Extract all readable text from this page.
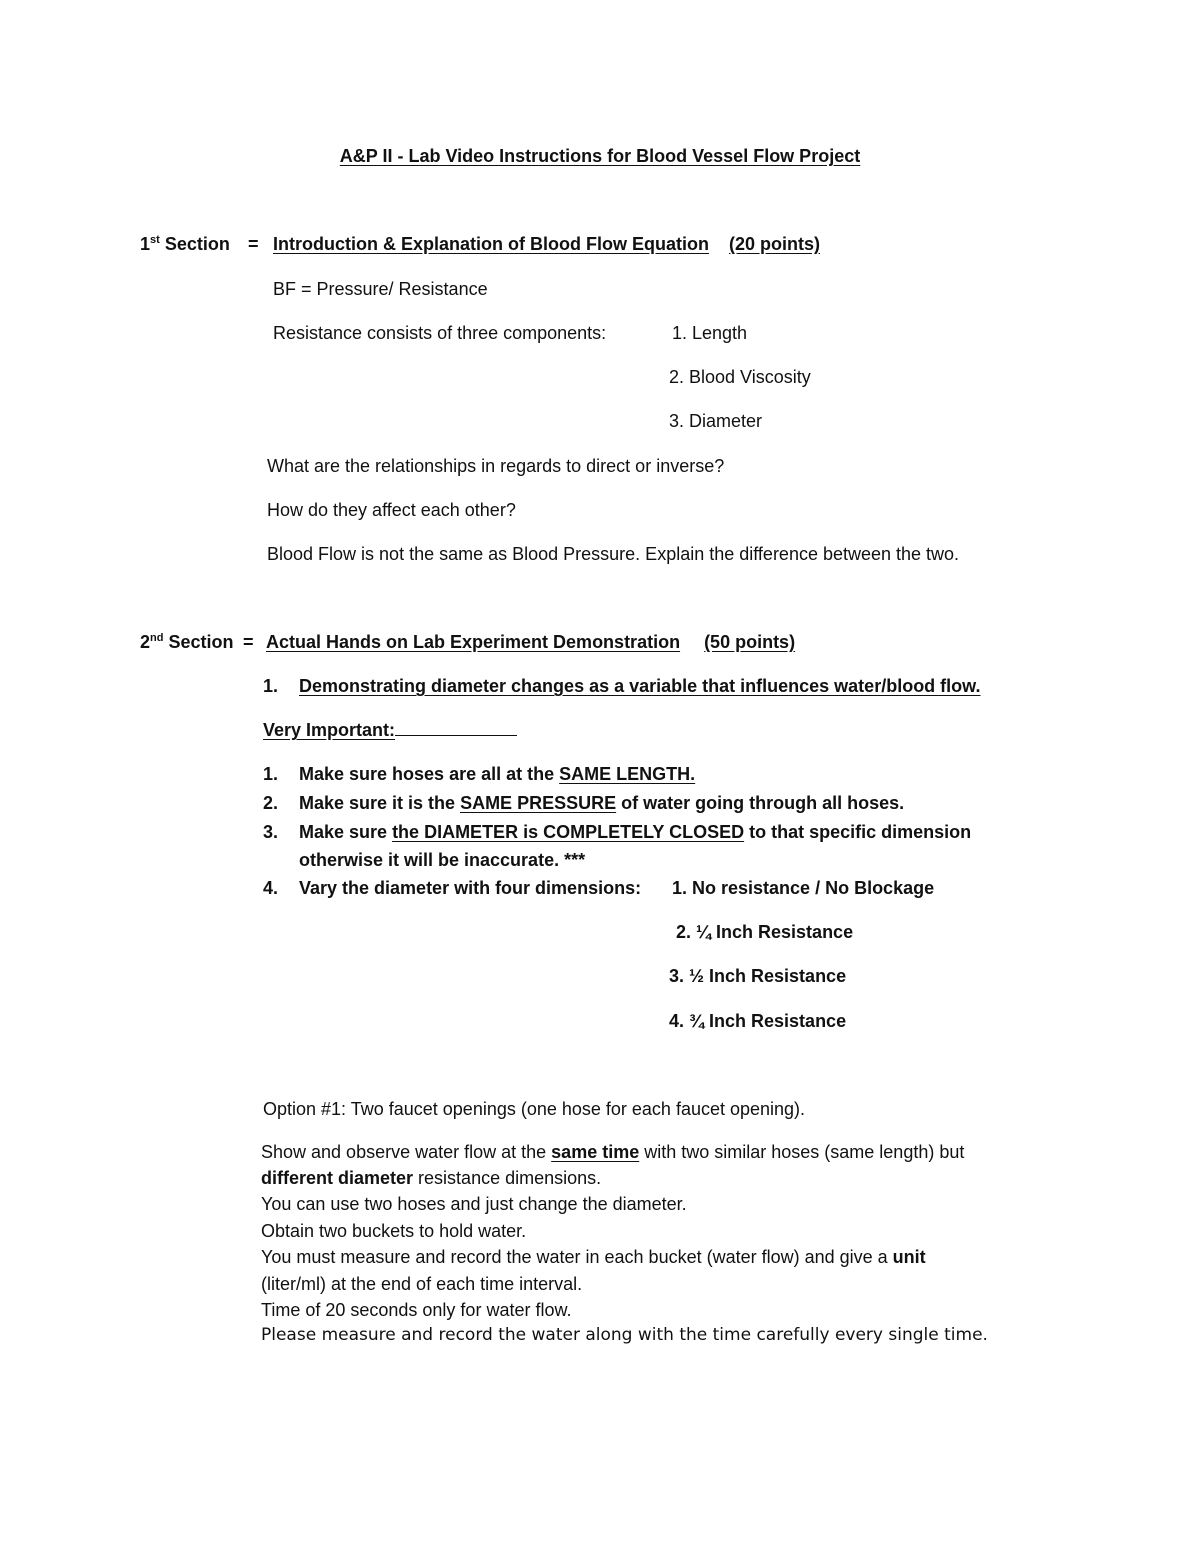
A&P II - Lab Video Instructions for Blood Vessel Flow Project
1st Section = Introduction & Explanation of Blood Flow Equation (20 points)
BF = Pressure/ Resistance
Resistance consists of three components:	1. Length
2. Blood Viscosity
3. Diameter
What are the relationships in regards to direct or inverse?
How do they affect each other?
Blood Flow is not the same as Blood Pressure. Explain the difference between the two.
2nd Section = Actual Hands on Lab Experiment Demonstration (50 points)
1. Demonstrating diameter changes as a variable that influences water/blood flow.
Very Important:
1. Make sure hoses are all at the SAME LENGTH.
2. Make sure it is the SAME PRESSURE of water going through all hoses.
3. Make sure the DIAMETER is COMPLETELY CLOSED to that specific dimension
otherwise it will be inaccurate. ***
4. Vary the diameter with four dimensions: 1. No resistance / No Blockage
2. ¼ Inch Resistance
3. ½ Inch Resistance
4. ¾ Inch Resistance
Option #1: Two faucet openings (one hose for each faucet opening).
Show and observe water flow at the same time with two similar hoses (same length) but
different diameter resistance dimensions.
You can use two hoses and just change the diameter.
Obtain two buckets to hold water.
You must measure and record the water in each bucket (water flow) and give a unit
(liter/ml) at the end of each time interval.
Time of 20 seconds only for water flow.
Please measure and record the water along with the time carefully every single time.
